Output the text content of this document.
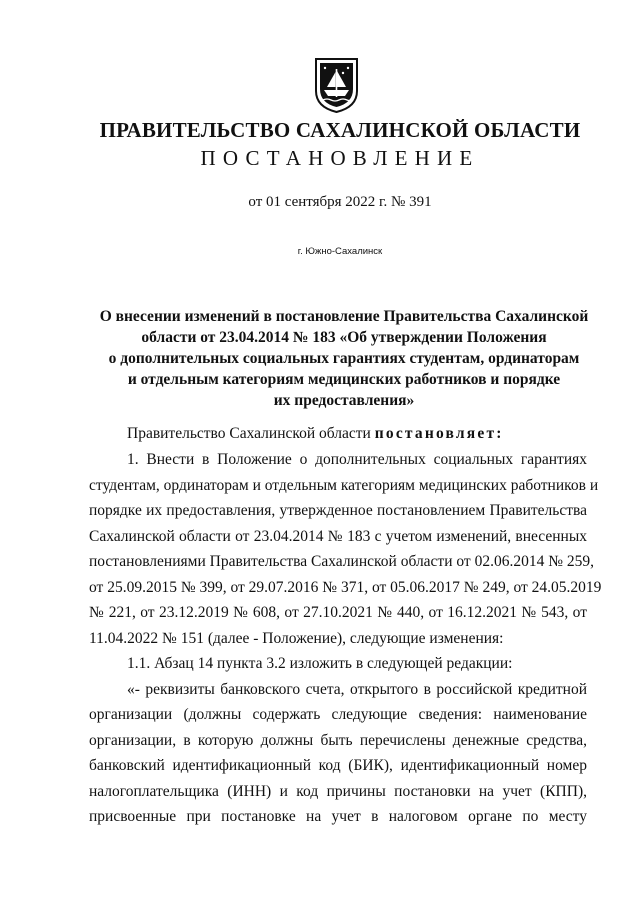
ПРАВИТЕЛЬСТВО САХАЛИНСКОЙ ОБЛАСТИ
ПОСТАНОВЛЕНИЕ
от 01 сентября 2022 г. № 391
г. Южно-Сахалинск
О внесении изменений в постановление Правительства Сахалинской
области от 23.04.2014 № 183 «Об утверждении Положения
о дополнительных социальных гарантиях студентам, ординаторам
и отдельным категориям медицинских работников и порядке
их предоставления»
Правительство Сахалинской области постановляет:
1. Внести в Положение о дополнительных социальных гарантиях
студентам, ординаторам и отдельным категориям медицинских работников и
порядке их предоставления, утвержденное постановлением Правительства
Сахалинской области от 23.04.2014 № 183 с учетом изменений, внесенных
постановлениями Правительства Сахалинской области от 02.06.2014 № 259,
от 25.09.2015 № 399, от 29.07.2016 № 371, от 05.06.2017 № 249, от 24.05.2019
№ 221, от 23.12.2019 № 608, от 27.10.2021 № 440, от 16.12.2021 № 543, от
11.04.2022 № 151 (далее - Положение), следующие изменения:
1.1. Абзац 14 пункта 3.2 изложить в следующей редакции:
«- реквизиты банковского счета, открытого в российской кредитной
организации (должны содержать следующие сведения: наименование
организации, в которую должны быть перечислены денежные средства,
банковский идентификационный код (БИК), идентификационный номер
налогоплательщика (ИНН) и код причины постановки на учет (КПП),
присвоенные при постановке на учет в налоговом органе по месту
